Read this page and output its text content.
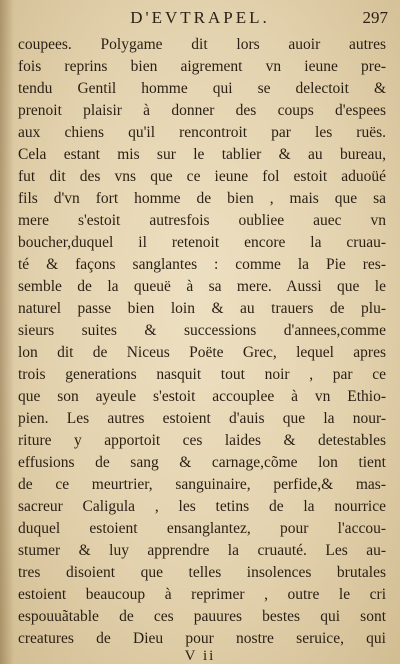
D'EVTRAPEL.	297
coupees. Polygame dit lors auoir autres
fois reprins bien aigrement vn ieune pre-
tendu Gentil homme qui se delectoit &
prenoit plaisir à donner des coups d'espees
aux chiens qu'il rencontroit par les ruës.
Cela estant mis sur le tablier & au bureau,
fut dit des vns que ce ieune fol estoit aduoüé
fils d'vn fort homme de bien , mais que sa
mere s'estoit autresfois oubliee auec vn
boucher,duquel il retenoit encore la cruau-
té & façons sanglantes : comme la Pie res-
semble de la queuë à sa mere. Aussi que le
naturel passe bien loin & au trauers de plu-
sieurs suites & successions d'annees,comme
lon dit de Niceus Poëte Grec, lequel apres
trois generations nasquit tout noir , par ce
que son ayeule s'estoit accouplee à vn Ethio-
pien. Les autres estoient d'auis que la nour-
riture y apportoit ces laides & detestables
effusions de sang & carnage,cõme lon tient
de ce meurtrier, sanguinaire, perfide,& mas-
sacreur Caligula , les tetins de la nourrice
duquel estoient ensanglantez, pour l'accou-
stumer & luy apprendre la cruauté. Les au-
tres disoient que telles insolences brutales
estoient beaucoup à reprimer , outre le cri
espouuãtable de ces pauures bestes qui sont
creatures de Dieu pour nostre seruice, qui
V ii
